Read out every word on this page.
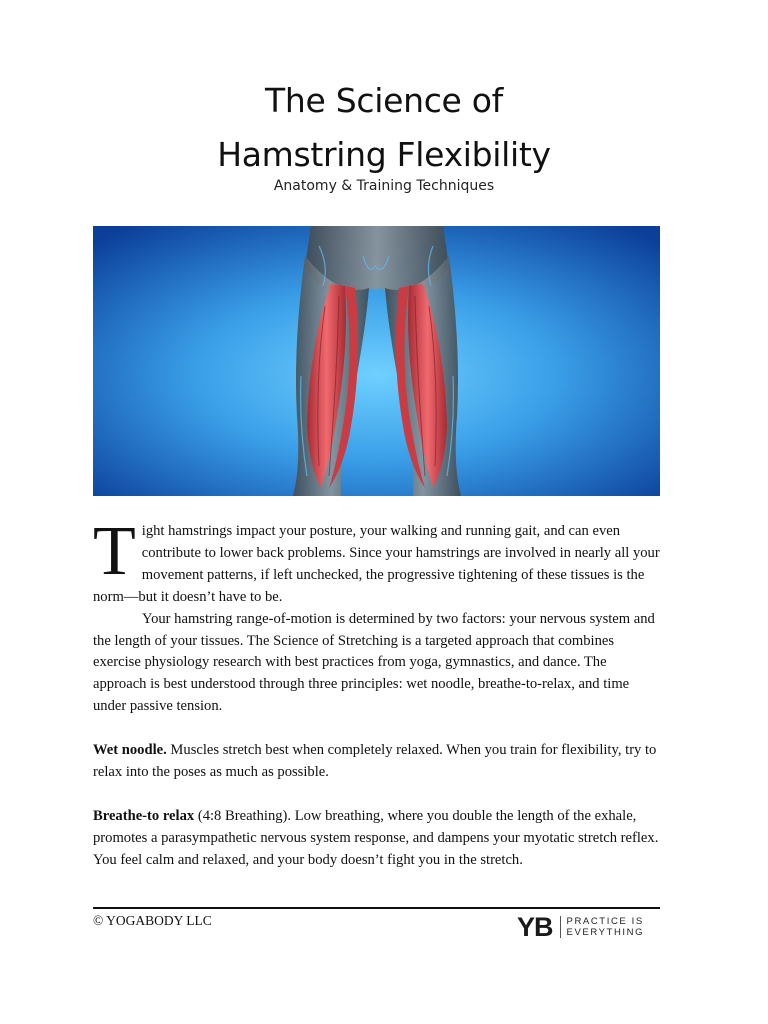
The Science of
Hamstring Flexibility
Anatomy & Training Techniques

Tight hamstrings impact your posture, your walking and running gait, and can even contribute to lower back problems. Since your hamstrings are involved in nearly all your movement patterns, if left unchecked, the progressive tightening of these tissues is the norm—but it doesn’t have to be.

Your hamstring range-of-motion is determined by two factors: your nervous system and the length of your tissues. The Science of Stretching is a targeted approach that combines exercise physiology research with best practices from yoga, gymnastics, and dance. The approach is best understood through three principles: wet noodle, breathe-to-relax, and time under passive tension.

Wet noodle. Muscles stretch best when completely relaxed. When you train for flexibility, try to relax into the poses as much as possible.

Breathe-to relax (4:8 Breathing). Low breathing, where you double the length of the exhale, promotes a parasympathetic nervous system response, and dampens your myotatic stretch reflex. You feel calm and relaxed, and your body doesn’t fight you in the stretch.

© YOGABODY LLC	YB PRACTICE IS
EVERYTHING
